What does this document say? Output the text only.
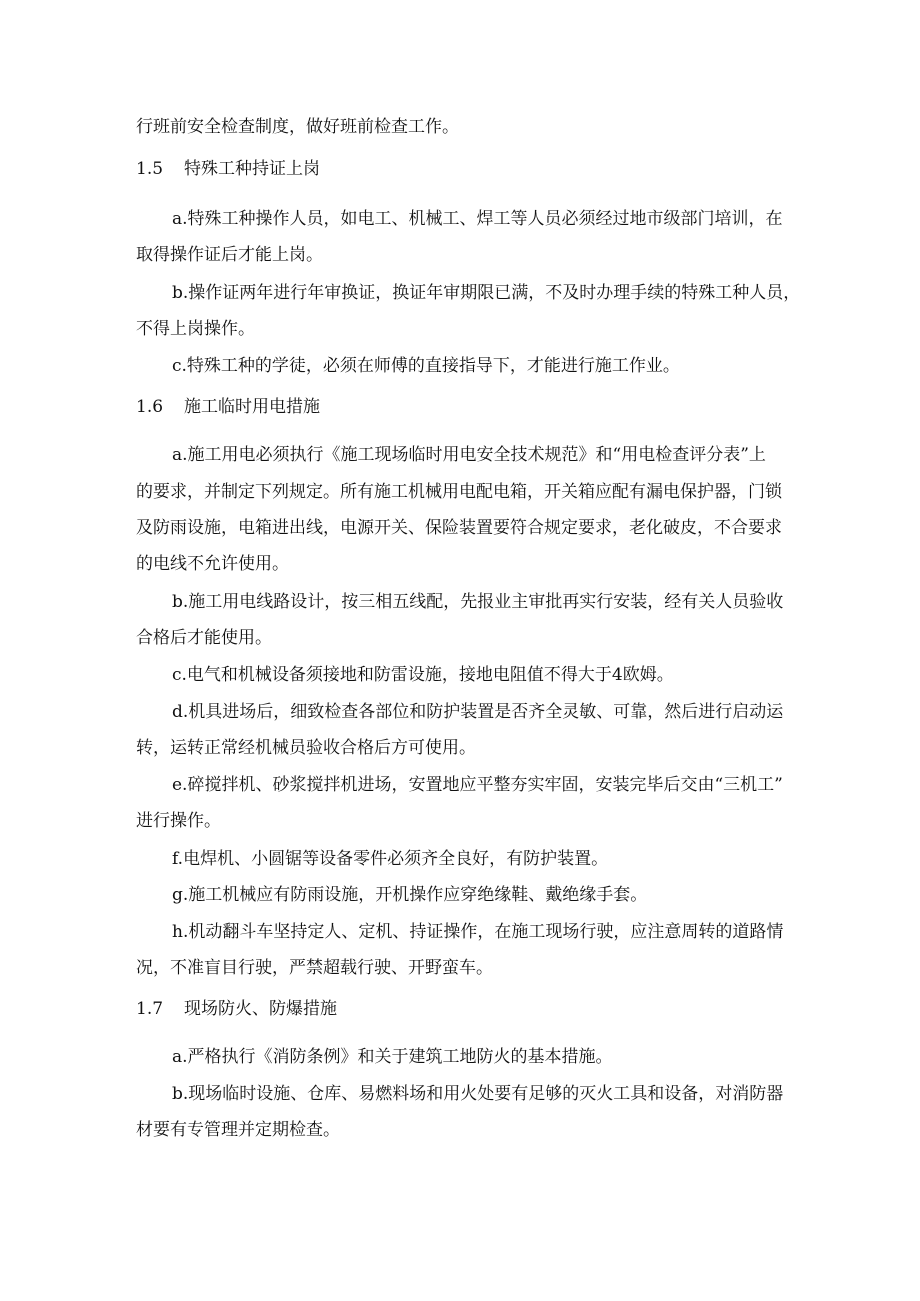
行班前安全检查制度，做好班前检查工作。
1.5 特殊工种持证上岗
a.特殊工种操作人员，如电工、机械工、焊工等人员必须经过地市级部门培训，在
取得操作证后才能上岗。
b.操作证两年进行年审换证，换证年审期限已满，不及时办理手续的特殊工种人员，
不得上岗操作。
c.特殊工种的学徒，必须在师傅的直接指导下，才能进行施工作业。
1.6 施工临时用电措施
a.施工用电必须执行《施工现场临时用电安全技术规范》和“用电检查评分表”上
的要求，并制定下列规定。所有施工机械用电配电箱，开关箱应配有漏电保护器，门锁
及防雨设施，电箱进出线，电源开关、保险装置要符合规定要求，老化破皮，不合要求
的电线不允许使用。
b.施工用电线路设计，按三相五线配，先报业主审批再实行安装，经有关人员验收
合格后才能使用。
c.电气和机械设备须接地和防雷设施，接地电阻值不得大于4欧姆。
d.机具进场后，细致检查各部位和防护装置是否齐全灵敏、可靠，然后进行启动运
转，运转正常经机械员验收合格后方可使用。
e.碎搅拌机、砂浆搅拌机进场，安置地应平整夯实牢固，安装完毕后交由“三机工”
进行操作。
f.电焊机、小圆锯等设备零件必须齐全良好，有防护装置。
g.施工机械应有防雨设施，开机操作应穿绝缘鞋、戴绝缘手套。
h.机动翻斗车坚持定人、定机、持证操作，在施工现场行驶，应注意周转的道路情
况，不准盲目行驶，严禁超载行驶、开野蛮车。
1.7 现场防火、防爆措施
a.严格执行《消防条例》和关于建筑工地防火的基本措施。
b.现场临时设施、仓库、易燃料场和用火处要有足够的灭火工具和设备，对消防器
材要有专管理并定期检查。
